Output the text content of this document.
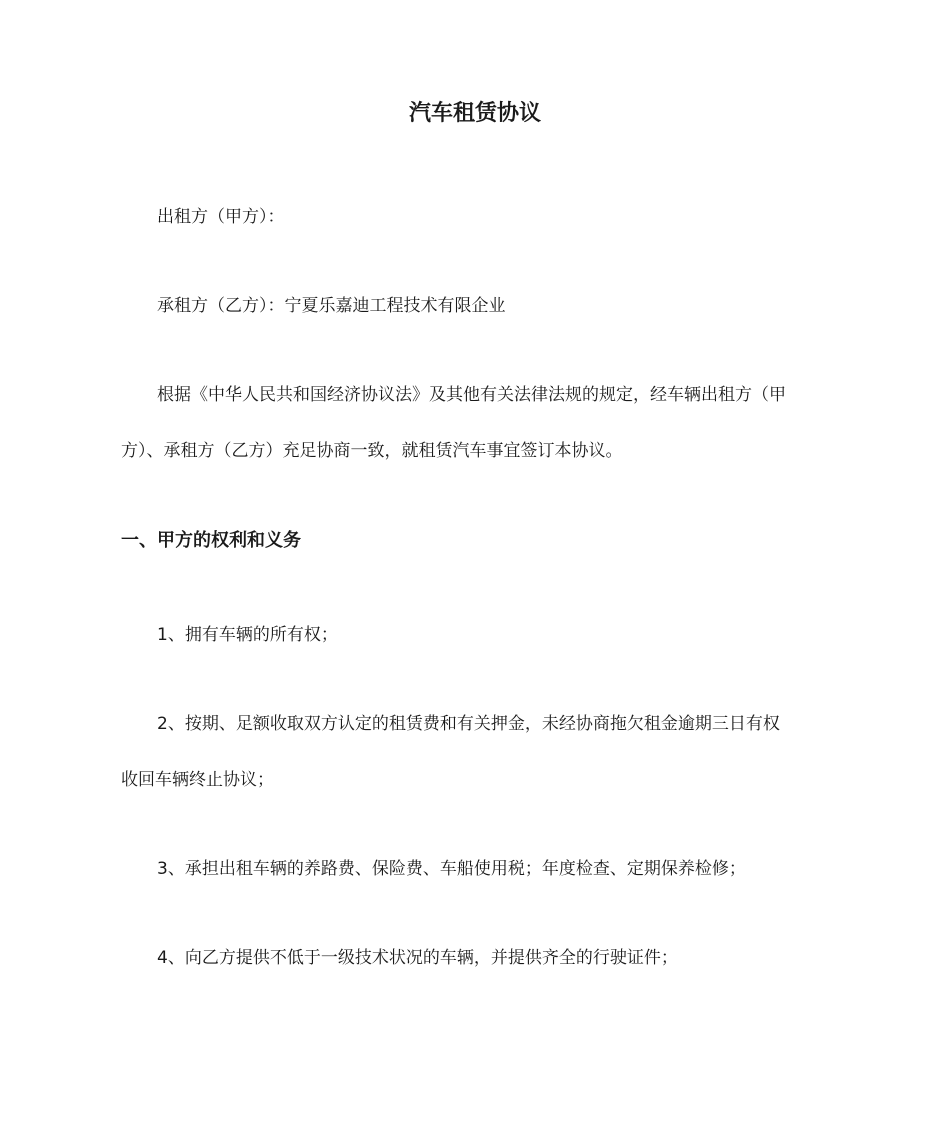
汽车租赁协议
出租方（甲方）：
承租方（乙方）：宁夏乐嘉迪工程技术有限企业
根据《中华人民共和国经济协议法》及其他有关法律法规的规定，经车辆出租方（甲
方）、承租方（乙方）充足协商一致，就租赁汽车事宜签订本协议。
一、甲方的权利和义务
1、拥有车辆的所有权；
2、按期、足额收取双方认定的租赁费和有关押金，未经协商拖欠租金逾期三日有权
收回车辆终止协议；
3、承担出租车辆的养路费、保险费、车船使用税；年度检查、定期保养检修；
4、向乙方提供不低于一级技术状况的车辆，并提供齐全的行驶证件；
